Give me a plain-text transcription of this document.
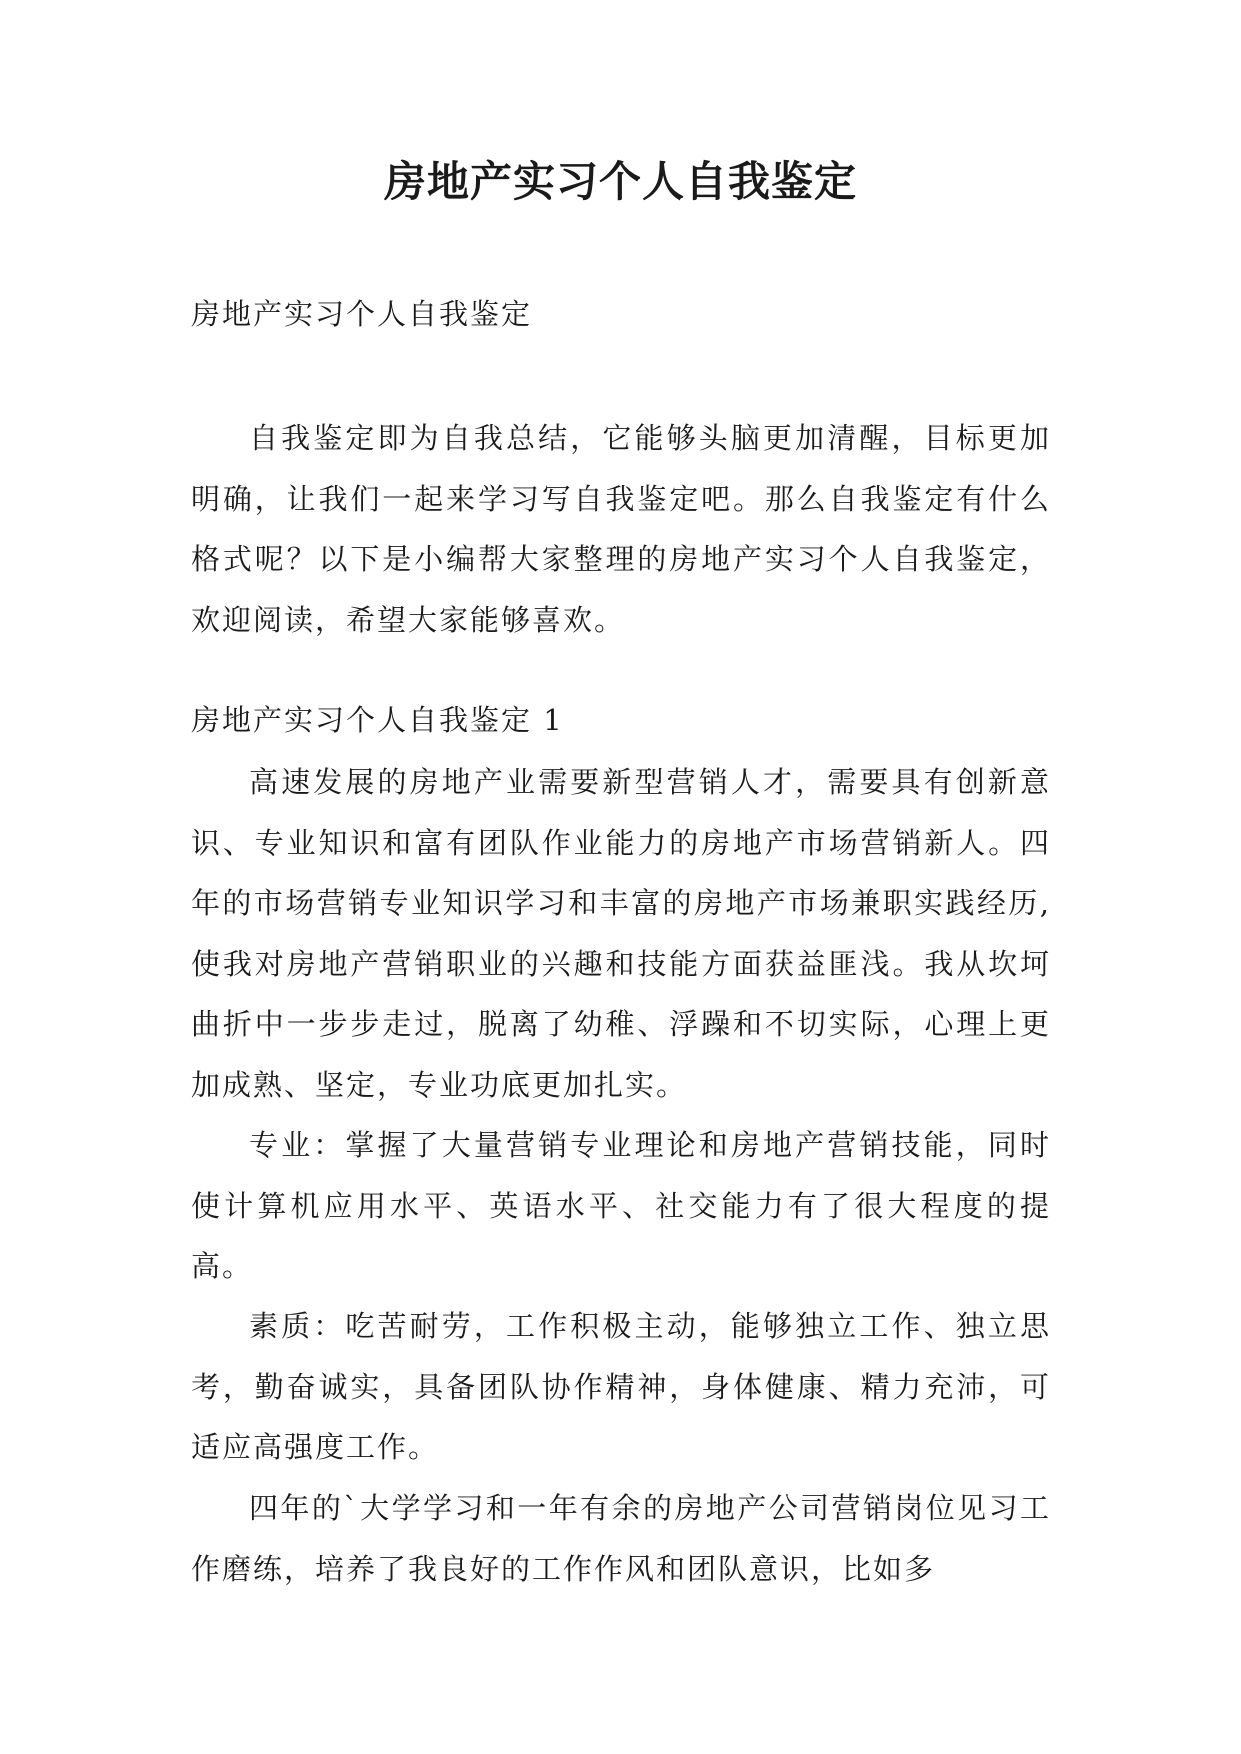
房地产实习个人自我鉴定

房地产实习个人自我鉴定

自我鉴定即为自我总结，它能够头脑更加清醒，目标更加明确，让我们一起来学习写自我鉴定吧。那么自我鉴定有什么格式呢？以下是小编帮大家整理的房地产实习个人自我鉴定，欢迎阅读，希望大家能够喜欢。

房地产实习个人自我鉴定 1

高速发展的房地产业需要新型营销人才，需要具有创新意识、专业知识和富有团队作业能力的房地产市场营销新人。四年的市场营销专业知识学习和丰富的房地产市场兼职实践经历,使我对房地产营销职业的兴趣和技能方面获益匪浅。我从坎坷曲折中一步步走过，脱离了幼稚、浮躁和不切实际，心理上更加成熟、坚定，专业功底更加扎实。

专业：掌握了大量营销专业理论和房地产营销技能，同时使计算机应用水平、英语水平、社交能力有了很大程度的提高。

素质：吃苦耐劳，工作积极主动，能够独立工作、独立思考，勤奋诚实，具备团队协作精神，身体健康、精力充沛，可适应高强度工作。

四年的`大学学习和一年有余的房地产公司营销岗位见习工作磨练，培养了我良好的工作作风和团队意识，比如多
